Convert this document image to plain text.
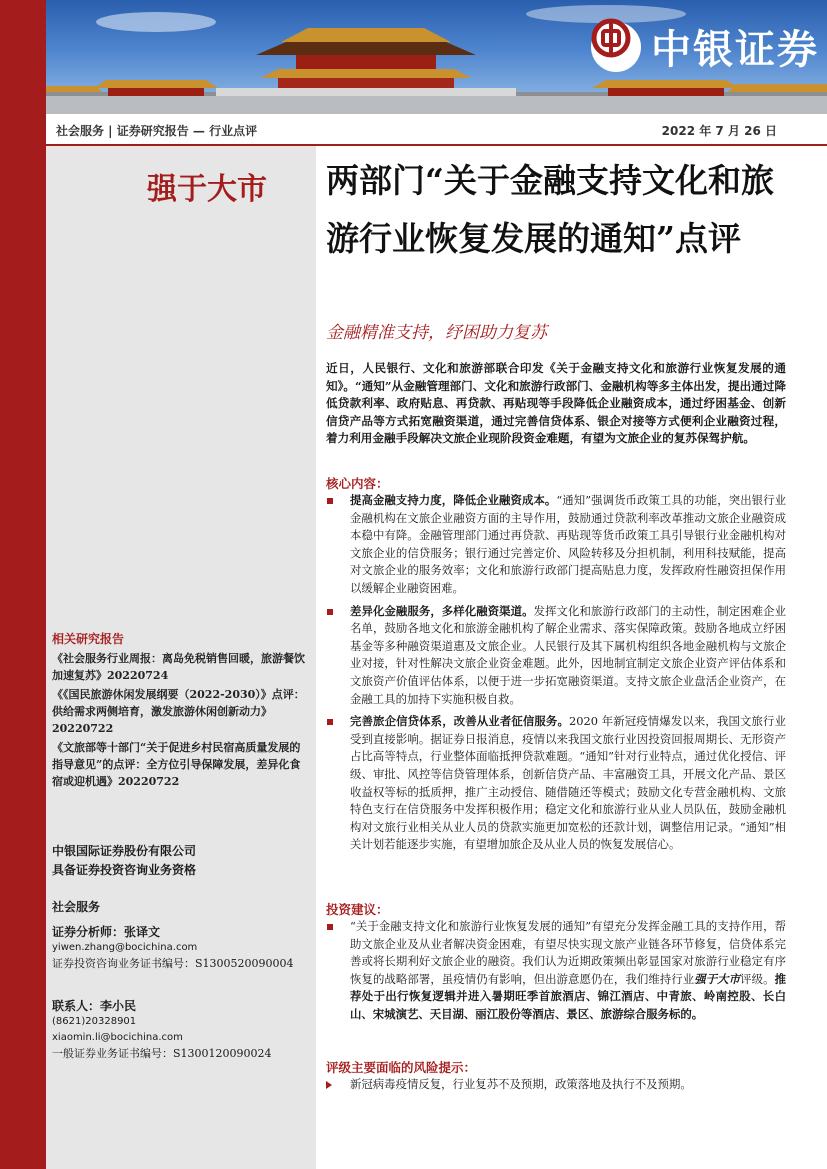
中银证券
社会服务 | 证券研究报告 — 行业点评	2022 年 7 月 26 日
强于大市
相关研究报告
《社会服务行业周报：离岛免税销售回暖，旅游餐饮加速复苏》20220724
《《国民旅游休闲发展纲要（2022-2030）》点评：供给需求两侧培育，激发旅游休闲创新动力》20220722
《文旅部等十部门“关于促进乡村民宿高质量发展的指导意见”的点评：全方位引导保障发展，差异化食宿或迎机遇》20220722
中银国际证券股份有限公司
具备证券投资咨询业务资格
社会服务
证券分析师：张译文
yiwen.zhang@bocichina.com
证券投资咨询业务证书编号：S1300520090004
联系人：李小民
(8621)20328901
xiaomin.li@bocichina.com
一般证券业务证书编号：S1300120090024
两部门“关于金融支持文化和旅游行业恢复发展的通知”点评
金融精准支持，纾困助力复苏
近日，人民银行、文化和旅游部联合印发《关于金融支持文化和旅游行业恢复发展的通知》。“通知”从金融管理部门、文化和旅游行政部门、金融机构等多主体出发，提出通过降低贷款利率、政府贴息、再贷款、再贴现等手段降低企业融资成本，通过纾困基金、创新信贷产品等方式拓宽融资渠道，通过完善信贷体系、银企对接等方式便利企业融资过程，着力利用金融手段解决文旅企业现阶段资金难题，有望为文旅企业的复苏保驾护航。
核心内容：
提高金融支持力度，降低企业融资成本。“通知”强调货币政策工具的功能，突出银行业金融机构在文旅企业融资方面的主导作用，鼓励通过贷款利率改革推动文旅企业融资成本稳中有降。金融管理部门通过再贷款、再贴现等货币政策工具引导银行业金融机构对文旅企业的信贷服务；银行通过完善定价、风险转移及分担机制，利用科技赋能，提高对文旅企业的服务效率；文化和旅游行政部门提高贴息力度，发挥政府性融资担保作用以缓解企业融资困难。
差异化金融服务，多样化融资渠道。发挥文化和旅游行政部门的主动性，制定困难企业名单，鼓励各地文化和旅游金融机构了解企业需求、落实保障政策。鼓励各地成立纾困基金等多种融资渠道惠及文旅企业。人民银行及其下属机构组织各地金融机构与文旅企业对接，针对性解决文旅企业资金难题。此外，因地制宜制定文旅企业资产评估体系和文旅资产价值评估体系，以便于进一步拓宽融资渠道。支持文旅企业盘活企业资产，在金融工具的加持下实施积极自救。
完善旅企信贷体系，改善从业者征信服务。2020 年新冠疫情爆发以来，我国文旅行业受到直接影响。据证券日报消息，疫情以来我国文旅行业因投资回报周期长、无形资产占比高等特点，行业整体面临抵押贷款难题。“通知”针对行业特点，通过优化授信、评级、审批、风控等信贷管理体系，创新信贷产品、丰富融资工具，开展文化产品、景区收益权等标的抵质押，推广主动授信、随借随还等模式；鼓励文化专营金融机构、文旅特色支行在信贷服务中发挥积极作用；稳定文化和旅游行业从业人员队伍，鼓励金融机构对文旅行业相关从业人员的贷款实施更加宽松的还款计划，调整信用记录。“通知”相关计划若能逐步实施，有望增加旅企及从业人员的恢复发展信心。
投资建议：
“关于金融支持文化和旅游行业恢复发展的通知”有望充分发挥金融工具的支持作用，帮助文旅企业及从业者解决资金困难，有望尽快实现文旅产业链各环节修复，信贷体系完善或将长期利好文旅企业的融资。我们认为近期政策频出彰显国家对旅游行业稳定有序恢复的战略部署，虽疫情仍有影响，但出游意愿仍在，我们维持行业强于大市评级。推荐处于出行恢复逻辑并进入暑期旺季首旅酒店、锦江酒店、中青旅、岭南控股、长白山、宋城演艺、天目湖、丽江股份等酒店、景区、旅游综合服务标的。
评级主要面临的风险提示：
新冠病毒疫情反复，行业复苏不及预期，政策落地及执行不及预期。
